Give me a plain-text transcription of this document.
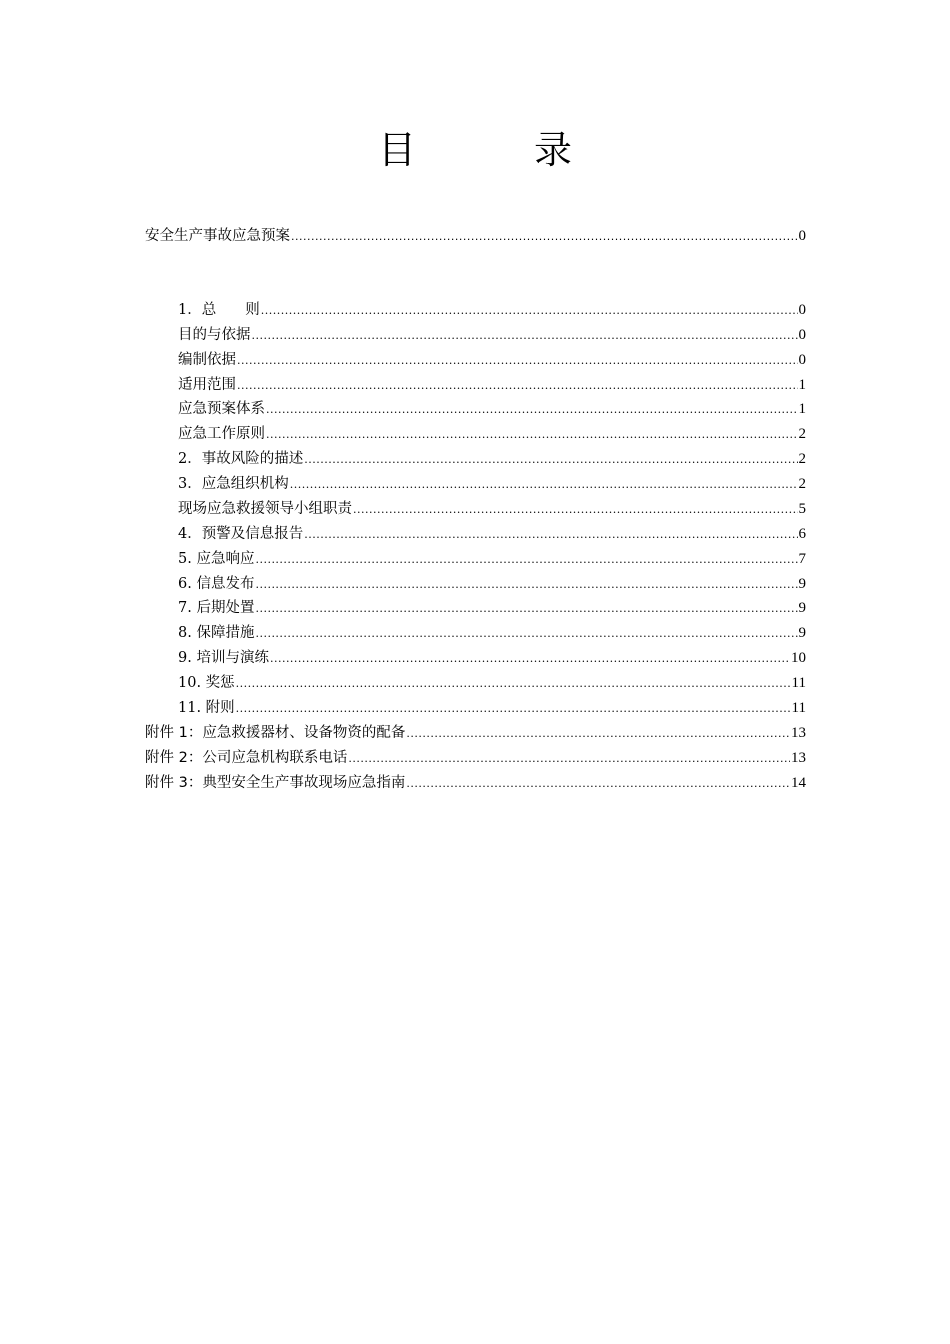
目　录
安全生产事故应急预案 .....	0
1．总　　则 .....	0
目的与依据 .....	0
编制依据 .....	0
适用范围 .....	1
应急预案体系 .....	1
应急工作原则 .....	2
2．事故风险的描述 .....	2
3．应急组织机构 .....	2
现场应急救援领导小组职责 .....	5
4．预警及信息报告 .....	6
5. 应急响应 .....	7
6. 信息发布 .....	9
7. 后期处置 .....	9
8. 保障措施 .....	9
9. 培训与演练 .....	10
10. 奖惩 .....	11
11. 附则 .....	11
附件 1：应急救援器材、设备物资的配备 .....	13
附件 2：公司应急机构联系电话 .....	13
附件 3：典型安全生产事故现场应急指南 .....	14
